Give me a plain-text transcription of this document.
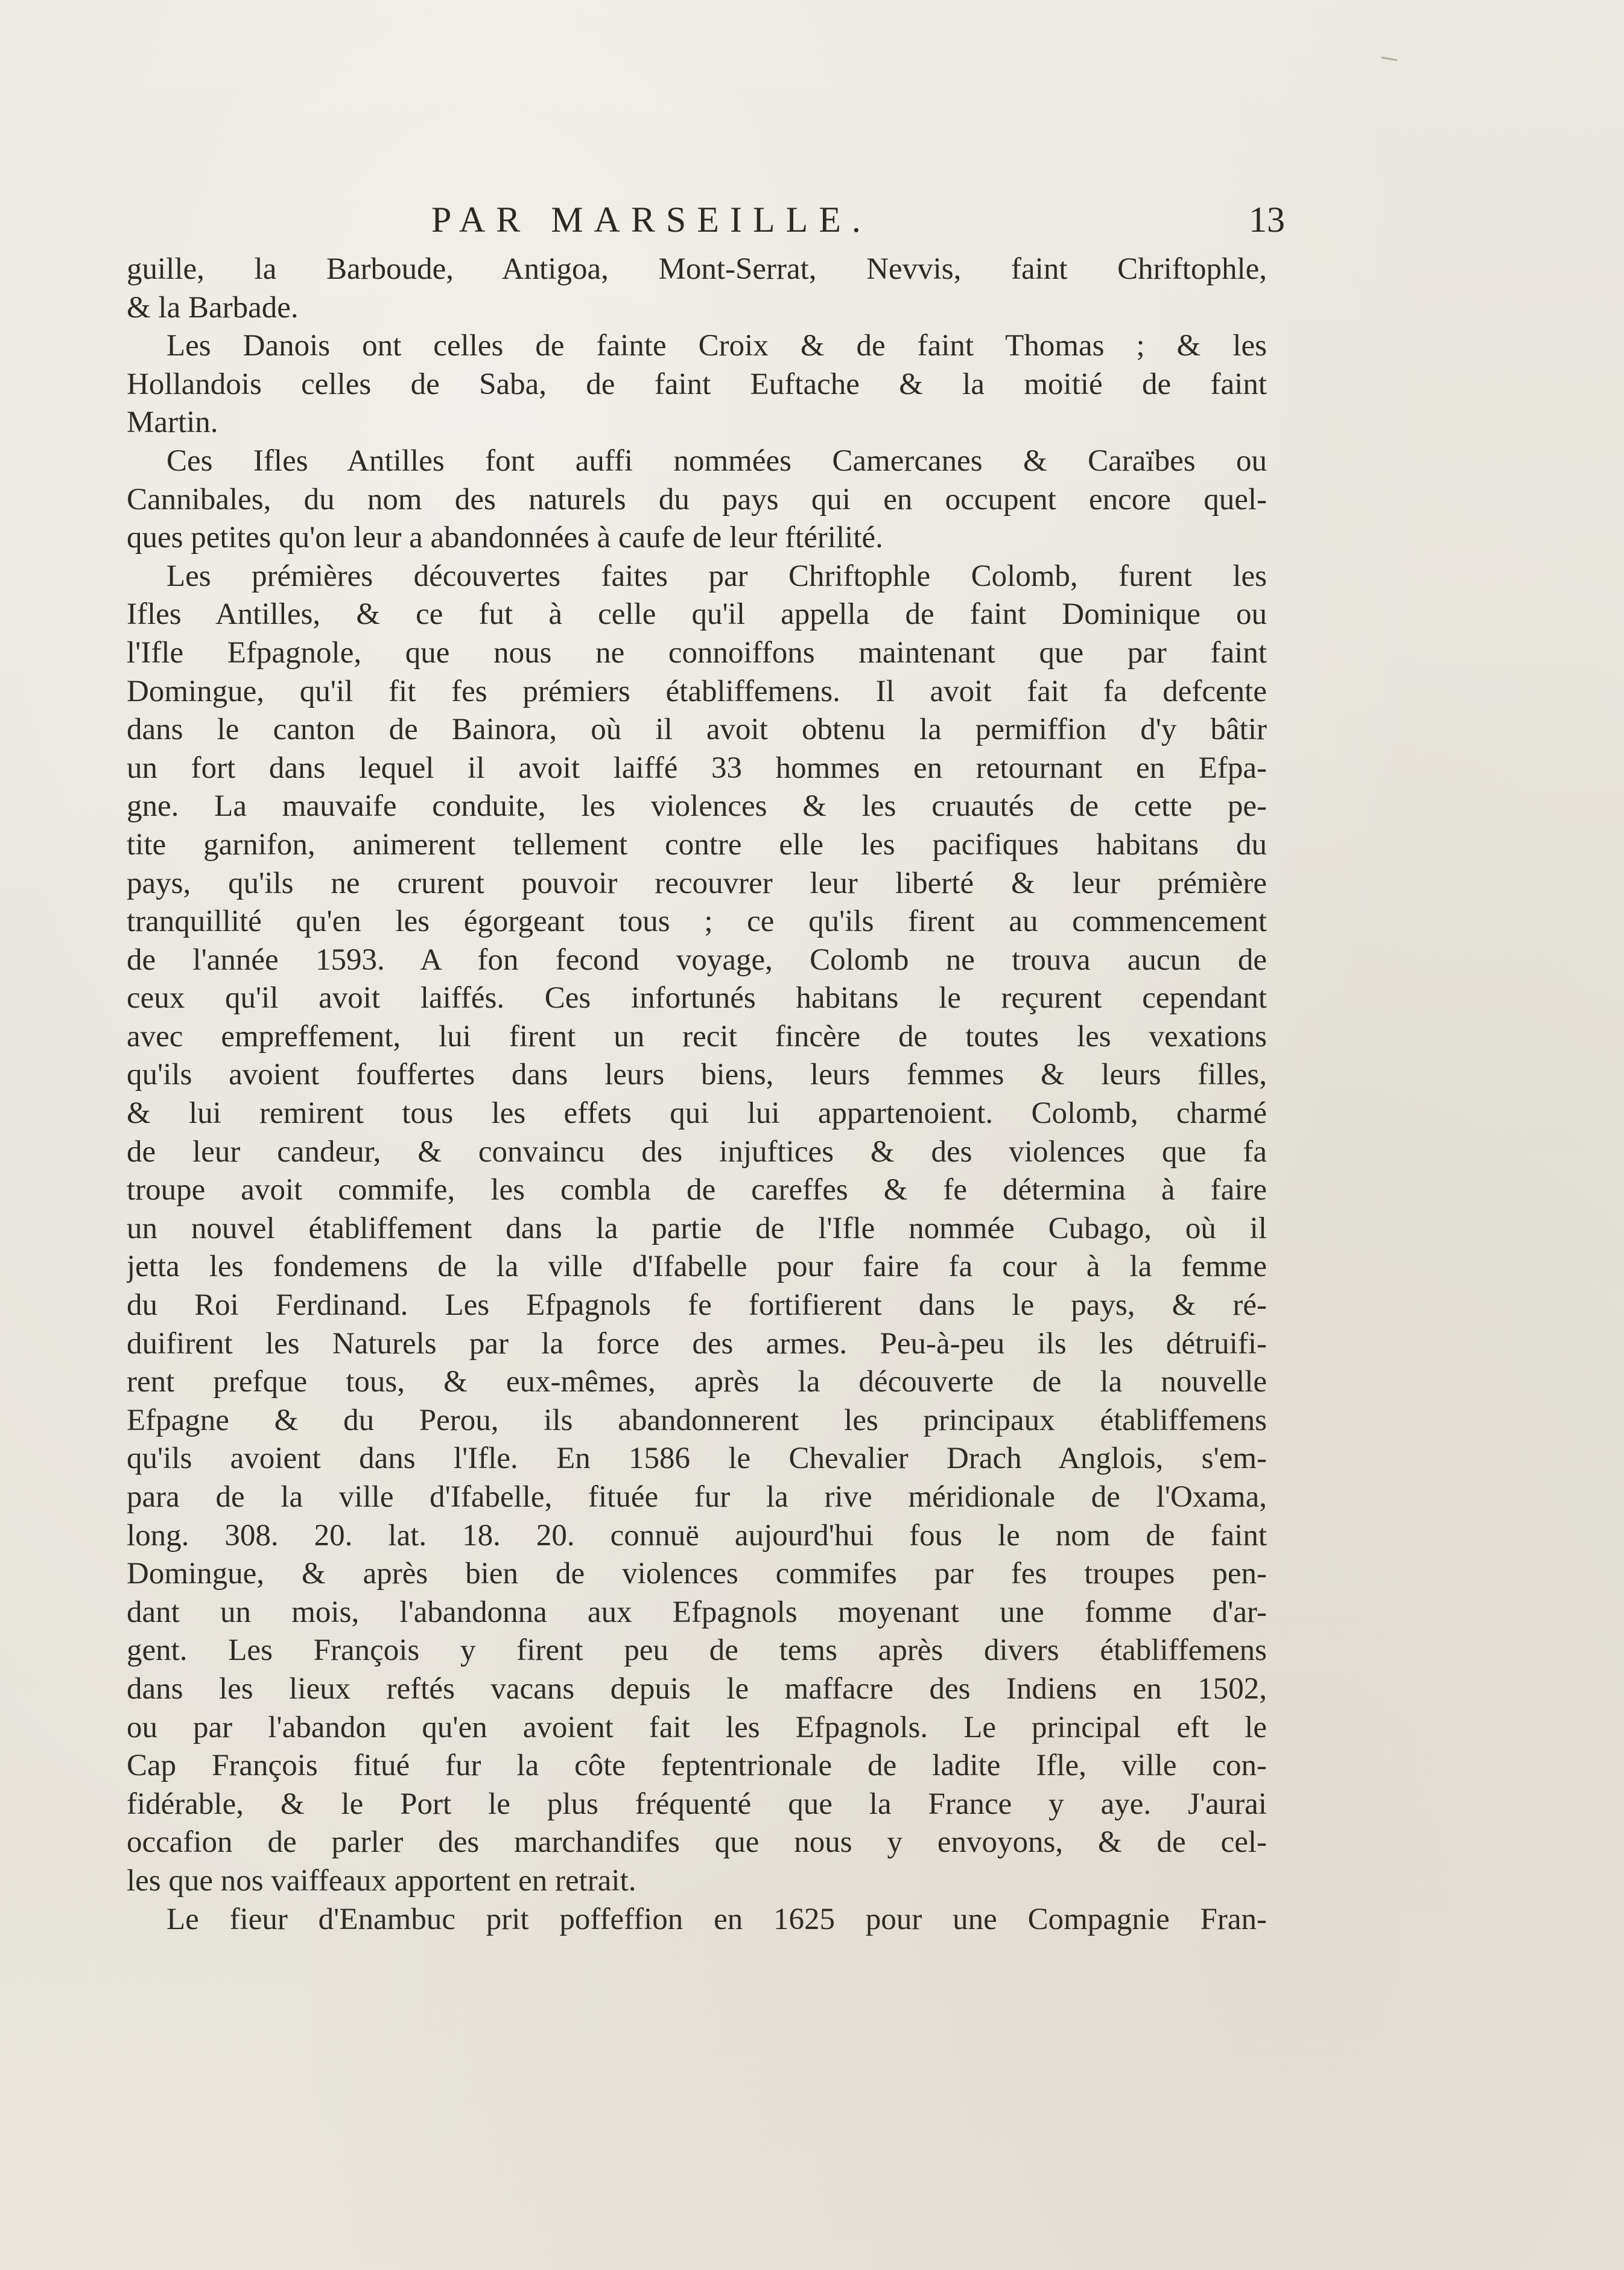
PAR MARSEILLE.	13
guille, la Barboude, Antigoa, Mont-Serrat, Nevvis, faint Chriftophle,
& la Barbade.
Les Danois ont celles de fainte Croix & de faint Thomas ; & les
Hollandois celles de Saba, de faint Euftache & la moitié de faint
Martin.
Ces Ifles Antilles font auffi nommées Camercanes & Caraïbes ou
Cannibales, du nom des naturels du pays qui en occupent encore quel-
ques petites qu'on leur a abandonnées à caufe de leur ftérilité.
Les prémières découvertes faites par Chriftophle Colomb, furent les
Ifles Antilles, & ce fut à celle qu'il appella de faint Dominique ou
l'Ifle Efpagnole, que nous ne connoiffons maintenant que par faint
Domingue, qu'il fit fes prémiers établiffemens. Il avoit fait fa defcente
dans le canton de Bainora, où il avoit obtenu la permiffion d'y bâtir
un fort dans lequel il avoit laiffé 33 hommes en retournant en Efpa-
gne. La mauvaife conduite, les violences & les cruautés de cette pe-
tite garnifon, animerent tellement contre elle les pacifiques habitans du
pays, qu'ils ne crurent pouvoir recouvrer leur liberté & leur prémière
tranquillité qu'en les égorgeant tous ; ce qu'ils firent au commencement
de l'année 1593. A fon fecond voyage, Colomb ne trouva aucun de
ceux qu'il avoit laiffés. Ces infortunés habitans le reçurent cependant
avec empreffement, lui firent un recit fincère de toutes les vexations
qu'ils avoient fouffertes dans leurs biens, leurs femmes & leurs filles,
& lui remirent tous les effets qui lui appartenoient. Colomb, charmé
de leur candeur, & convaincu des injuftices & des violences que fa
troupe avoit commife, les combla de careffes & fe détermina à faire
un nouvel établiffement dans la partie de l'Ifle nommée Cubago, où il
jetta les fondemens de la ville d'Ifabelle pour faire fa cour à la femme
du Roi Ferdinand. Les Efpagnols fe fortifierent dans le pays, & ré-
duifirent les Naturels par la force des armes. Peu-à-peu ils les détruifi-
rent prefque tous, & eux-mêmes, après la découverte de la nouvelle
Efpagne & du Perou, ils abandonnerent les principaux établiffemens
qu'ils avoient dans l'Ifle. En 1586 le Chevalier Drach Anglois, s'em-
para de la ville d'Ifabelle, fituée fur la rive méridionale de l'Oxama,
long. 308. 20. lat. 18. 20. connuë aujourd'hui fous le nom de faint
Domingue, & après bien de violences commifes par fes troupes pen-
dant un mois, l'abandonna aux Efpagnols moyenant une fomme d'ar-
gent. Les François y firent peu de tems après divers établiffemens
dans les lieux reftés vacans depuis le maffacre des Indiens en 1502,
ou par l'abandon qu'en avoient fait les Efpagnols. Le principal eft le
Cap François fitué fur la côte feptentrionale de ladite Ifle, ville con-
fidérable, & le Port le plus fréquenté que la France y aye. J'aurai
occafion de parler des marchandifes que nous y envoyons, & de cel-
les que nos vaiffeaux apportent en retrait.
Le fieur d'Enambuc prit poffeffion en 1625 pour une Compagnie Fran-
